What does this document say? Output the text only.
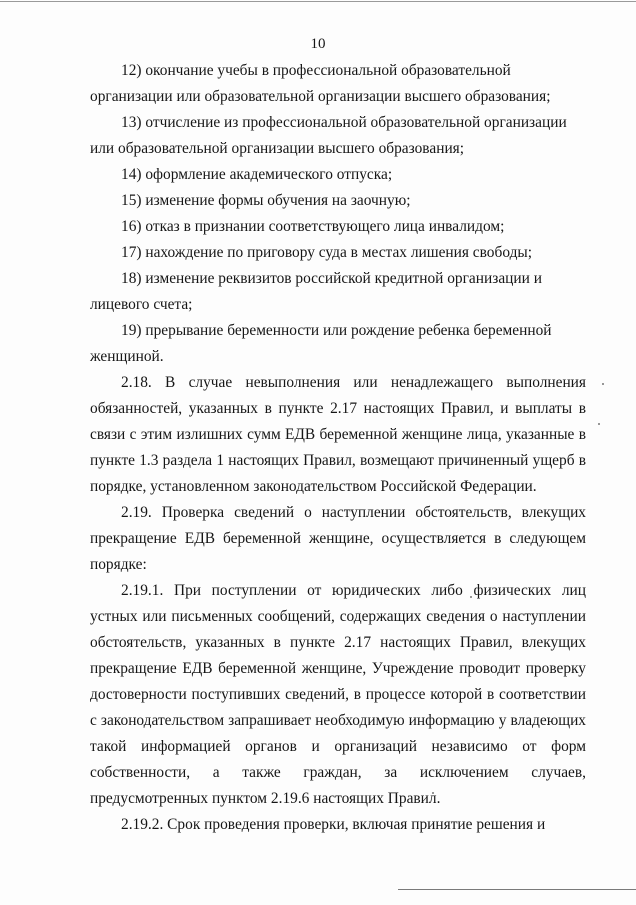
10

12) окончание учебы в профессиональной образовательной организации или образовательной организации высшего образования;

13) отчисление из профессиональной образовательной организации или образовательной организации высшего образования;

14) оформление академического отпуска;

15) изменение формы обучения на заочную;

16) отказ в признании соответствующего лица инвалидом;

17) нахождение по приговору суда в местах лишения свободы;

18) изменение реквизитов российской кредитной организации и лицевого счета;

19) прерывание беременности или рождение ребенка беременной женщиной.

2.18. В случае невыполнения или ненадлежащего выполнения обязанностей, указанных в пункте 2.17 настоящих Правил, и выплаты в связи с этим излишних сумм ЕДВ беременной женщине лица, указанные в пункте 1.3 раздела 1 настоящих Правил, возмещают причиненный ущерб в порядке, установленном законодательством Российской Федерации.

2.19. Проверка сведений о наступлении обстоятельств, влекущих прекращение ЕДВ беременной женщине, осуществляется в следующем порядке:

2.19.1. При поступлении от юридических либо физических лиц устных или письменных сообщений, содержащих сведения о наступлении обстоятельств, указанных в пункте 2.17 настоящих Правил, влекущих прекращение ЕДВ беременной женщине, Учреждение проводит проверку достоверности поступивших сведений, в процессе которой в соответствии с законодательством запрашивает необходимую информацию у владеющих такой информацией органов и организаций независимо от форм собственности, а также граждан, за исключением случаев, предусмотренных пунктом 2.19.6 настоящих Правил.

2.19.2. Срок проведения проверки, включая принятие решения и
